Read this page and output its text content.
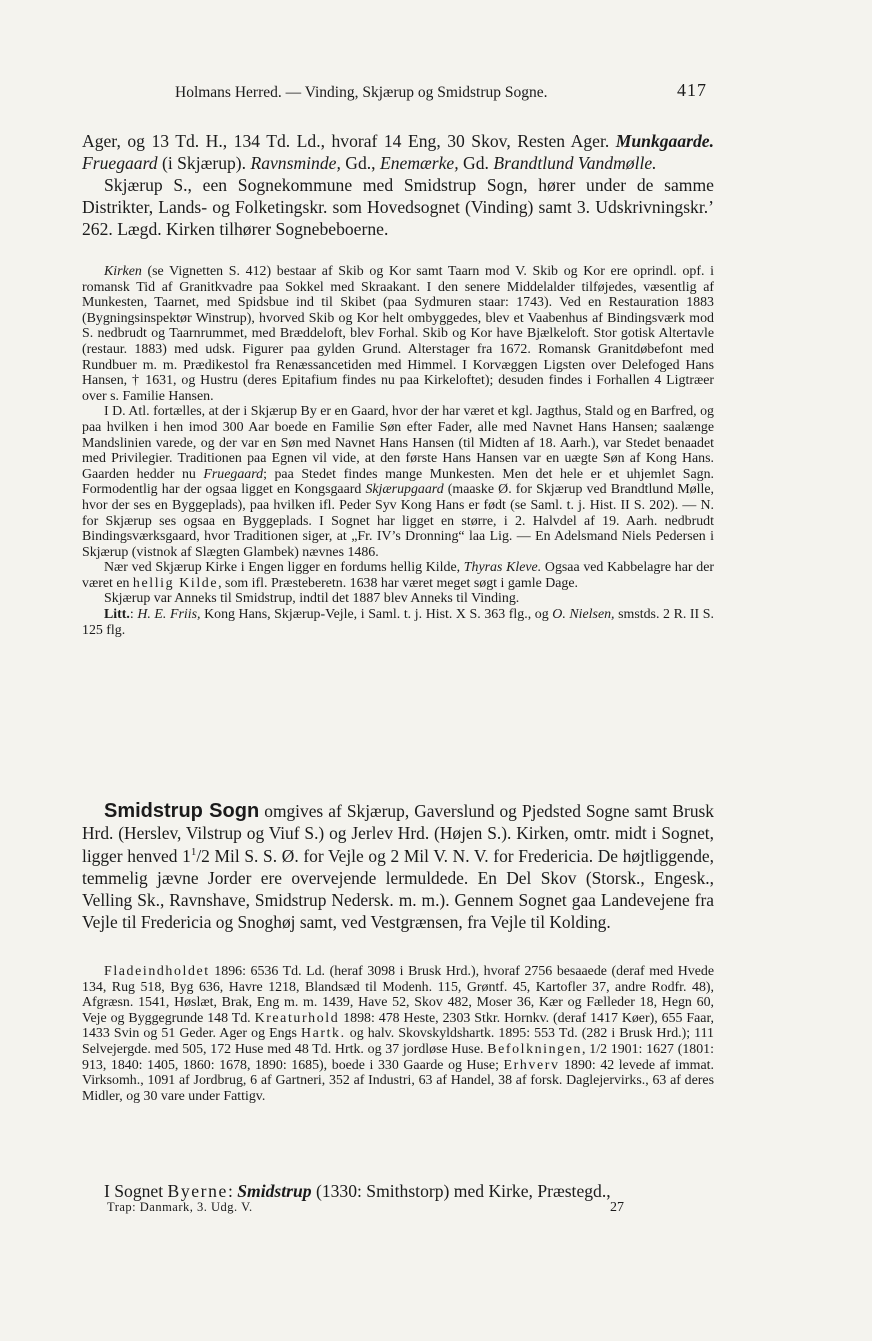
Holmans Herred. — Vinding, Skjærup og Smidstrup Sogne.	417

Ager, og 13 Td. H., 134 Td. Ld., hvoraf 14 Eng, 30 Skov, Resten Ager. Munkgaarde. Fruegaard (i Skjærup). Ravnsminde, Gd., Enemærke, Gd. Brandtlund Vandmølle.

Skjærup S., een Sognekommune med Smidstrup Sogn, hører under de samme Distrikter, Lands- og Folketingskr. som Hovedsognet (Vinding) samt 3. Udskrivningskr.’ 262. Lægd. Kirken tilhører Sognebeboerne.

Kirken (se Vignetten S. 412) bestaar af Skib og Kor samt Taarn mod V. Skib og Kor ere oprindl. opf. i romansk Tid af Granitkvadre paa Sokkel med Skraakant. I den senere Middelalder tilføjedes, væsentlig af Munkesten, Taarnet, med Spidsbue ind til Skibet (paa Sydmuren staar: 1743). Ved en Restauration 1883 (Bygningsinspektør Winstrup), hvorved Skib og Kor helt ombyggedes, blev et Vaabenhus af Bindingsværk mod S. nedbrudt og Taarnrummet, med Bræddeloft, blev Forhal. Skib og Kor have Bjælkeloft. Stor gotisk Altertavle (restaur. 1883) med udsk. Figurer paa gylden Grund. Alterstager fra 1672. Romansk Granitdøbefont med Rundbuer m. m. Prædikestol fra Renæssancetiden med Himmel. I Korvæggen Ligsten over Delefoged Hans Hansen, † 1631, og Hustru (deres Epitafium findes nu paa Kirkeloftet); desuden findes i Forhallen 4 Ligtræer over s. Familie Hansen.

I D. Atl. fortælles, at der i Skjærup By er en Gaard, hvor der har været et kgl. Jagthus, Stald og en Barfred, og paa hvilken i hen imod 300 Aar boede en Familie Søn efter Fader, alle med Navnet Hans Hansen; saalænge Mandslinien varede, og der var en Søn med Navnet Hans Hansen (til Midten af 18. Aarh.), var Stedet benaadet med Privilegier. Traditionen paa Egnen vil vide, at den første Hans Hansen var en uægte Søn af Kong Hans. Gaarden hedder nu Fruegaard; paa Stedet findes mange Munkesten. Men det hele er et uhjemlet Sagn. Formodentlig har der ogsaa ligget en Kongsgaard Skjærupgaard (maaske Ø. for Skjærup ved Brandtlund Mølle, hvor der ses en Byggeplads), paa hvilken ifl. Peder Syv Kong Hans er født (se Saml. t. j. Hist. II S. 202). — N. for Skjærup ses ogsaa en Byggeplads. I Sognet har ligget en større, i 2. Halvdel af 19. Aarh. nedbrudt Bindingsværksgaard, hvor Traditionen siger, at „Fr. IV’s Dronning“ laa Lig. — En Adelsmand Niels Pedersen i Skjærup (vistnok af Slægten Glambek) nævnes 1486.

Nær ved Skjærup Kirke i Engen ligger en fordums hellig Kilde, Thyras Kleve. Ogsaa ved Kabbelagre har der været en hellig Kilde, som ifl. Præsteberetn. 1638 har været meget søgt i gamle Dage.

Skjærup var Anneks til Smidstrup, indtil det 1887 blev Anneks til Vinding.

Litt.: H. E. Friis, Kong Hans, Skjærup-Vejle, i Saml. t. j. Hist. X S. 363 flg., og O. Nielsen, smstds. 2 R. II S. 125 flg.

Smidstrup Sogn omgives af Skjærup, Gaverslund og Pjedsted Sogne samt Brusk Hrd. (Herslev, Vilstrup og Viuf S.) og Jerlev Hrd. (Højen S.). Kirken, omtr. midt i Sognet, ligger henved $1^1/2$ Mil S. S. Ø. for Vejle og 2 Mil V. N. V. for Fredericia. De højtliggende, temmelig jævne Jorder ere overvejende lermuldede. En Del Skov (Storsk., Engesk., Velling Sk., Ravnshave, Smidstrup Nedersk. m. m.). Gennem Sognet gaa Landevejene fra Vejle til Fredericia og Snoghøj samt, ved Vestgrænsen, fra Vejle til Kolding.

Fladeindholdet 1896: 6536 Td. Ld. (heraf 3098 i Brusk Hrd.), hvoraf 2756 besaaede (deraf med Hvede 134, Rug 518, Byg 636, Havre 1218, Blandsæd til Modenh. 115, Grøntf. 45, Kartofler 37, andre Rodfr. 48), Afgræsn. 1541, Høslæt, Brak, Eng m. m. 1439, Have 52, Skov 482, Moser 36, Kær og Fælleder 18, Hegn 60, Veje og Byggegrunde 148 Td. Kreaturhold 1898: 478 Heste, 2303 Stkr. Hornkv. (deraf 1417 Køer), 655 Faar, 1433 Svin og 51 Geder. Ager og Engs Hartk. og halv. Skovskyldshartk. 1895: 553 Td. (282 i Brusk Hrd.); 111 Selvejergde. med 505, 172 Huse med 48 Td. Hrtk. og 37 jordløse Huse. Befolkningen, 1/2 1901: 1627 (1801: 913, 1840: 1405, 1860: 1678, 1890: 1685), boede i 330 Gaarde og Huse; Erhverv 1890: 42 levede af immat. Virksomh., 1091 af Jordbrug, 6 af Gartneri, 352 af Industri, 63 af Handel, 38 af forsk. Daglejervirks., 63 af deres Midler, og 30 vare under Fattigv.

I Sognet Byerne: Smidstrup (1330: Smithstorp) med Kirke, Præstegd.,

Trap: Danmark, 3. Udg. V.	27
